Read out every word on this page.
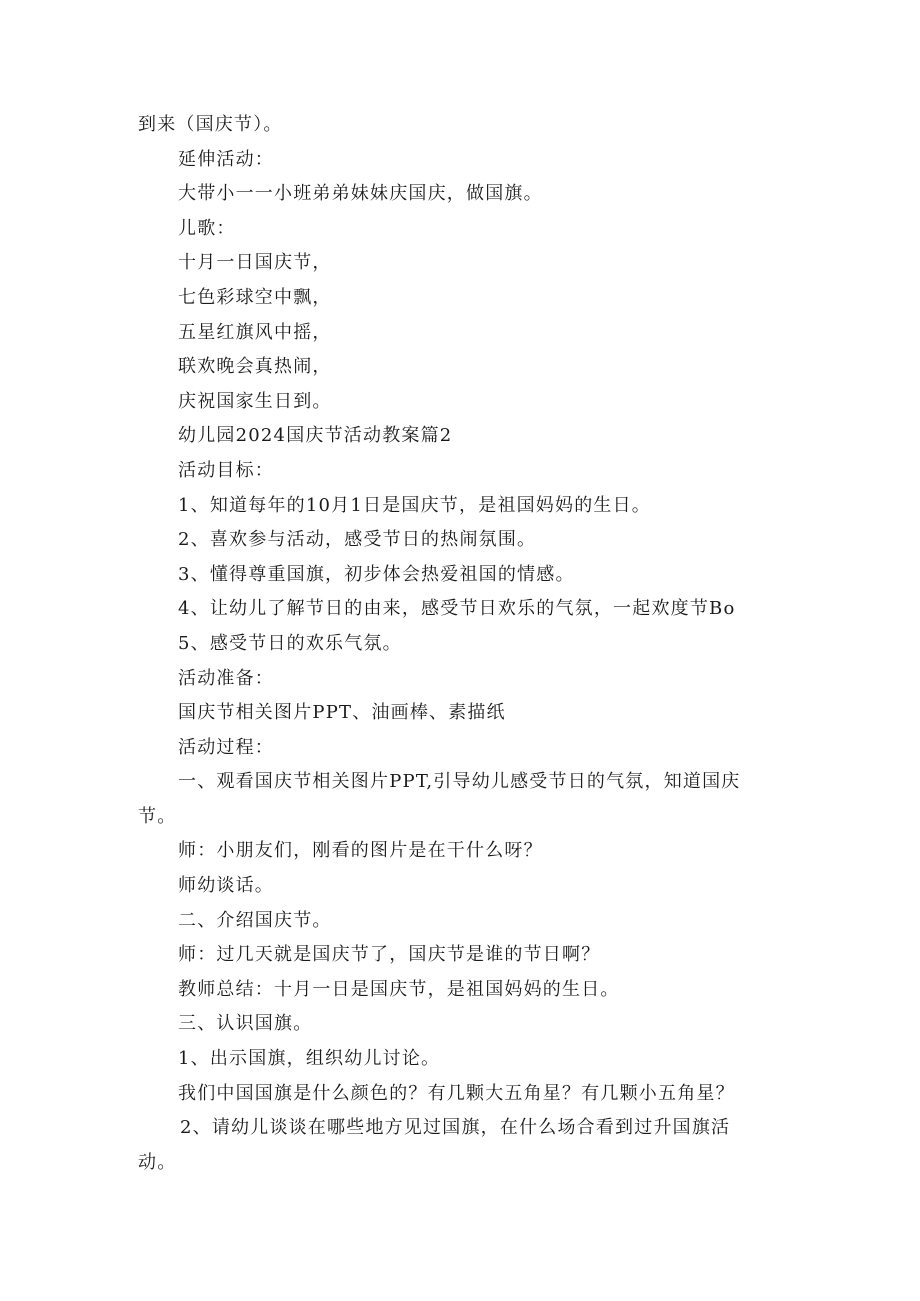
到来（国庆节）。
延伸活动：
大带小一一小班弟弟妹妹庆国庆，做国旗。
儿歌：
十月一日国庆节，
七色彩球空中飘，
五星红旗风中摇，
联欢晚会真热闹，
庆祝国家生日到。
幼儿园2024国庆节活动教案篇2
活动目标：
1、知道每年的10月1日是国庆节，是祖国妈妈的生日。
2、喜欢参与活动，感受节日的热闹氛围。
3、懂得尊重国旗，初步体会热爱祖国的情感。
4、让幼儿了解节日的由来，感受节日欢乐的气氛，一起欢度节Bo
5、感受节日的欢乐气氛。
活动准备：
国庆节相关图片PPT、油画棒、素描纸
活动过程：
一、观看国庆节相关图片PPT,引导幼儿感受节日的气氛，知道国庆
节。
师：小朋友们，刚看的图片是在干什么呀？
师幼谈话。
二、介绍国庆节。
师：过几天就是国庆节了，国庆节是谁的节日啊？
教师总结：十月一日是国庆节，是祖国妈妈的生日。
三、认识国旗。
1、出示国旗，组织幼儿讨论。
我们中国国旗是什么颜色的？有几颗大五角星？有几颗小五角星？
2、请幼儿谈谈在哪些地方见过国旗，在什么场合看到过升国旗活
动。
